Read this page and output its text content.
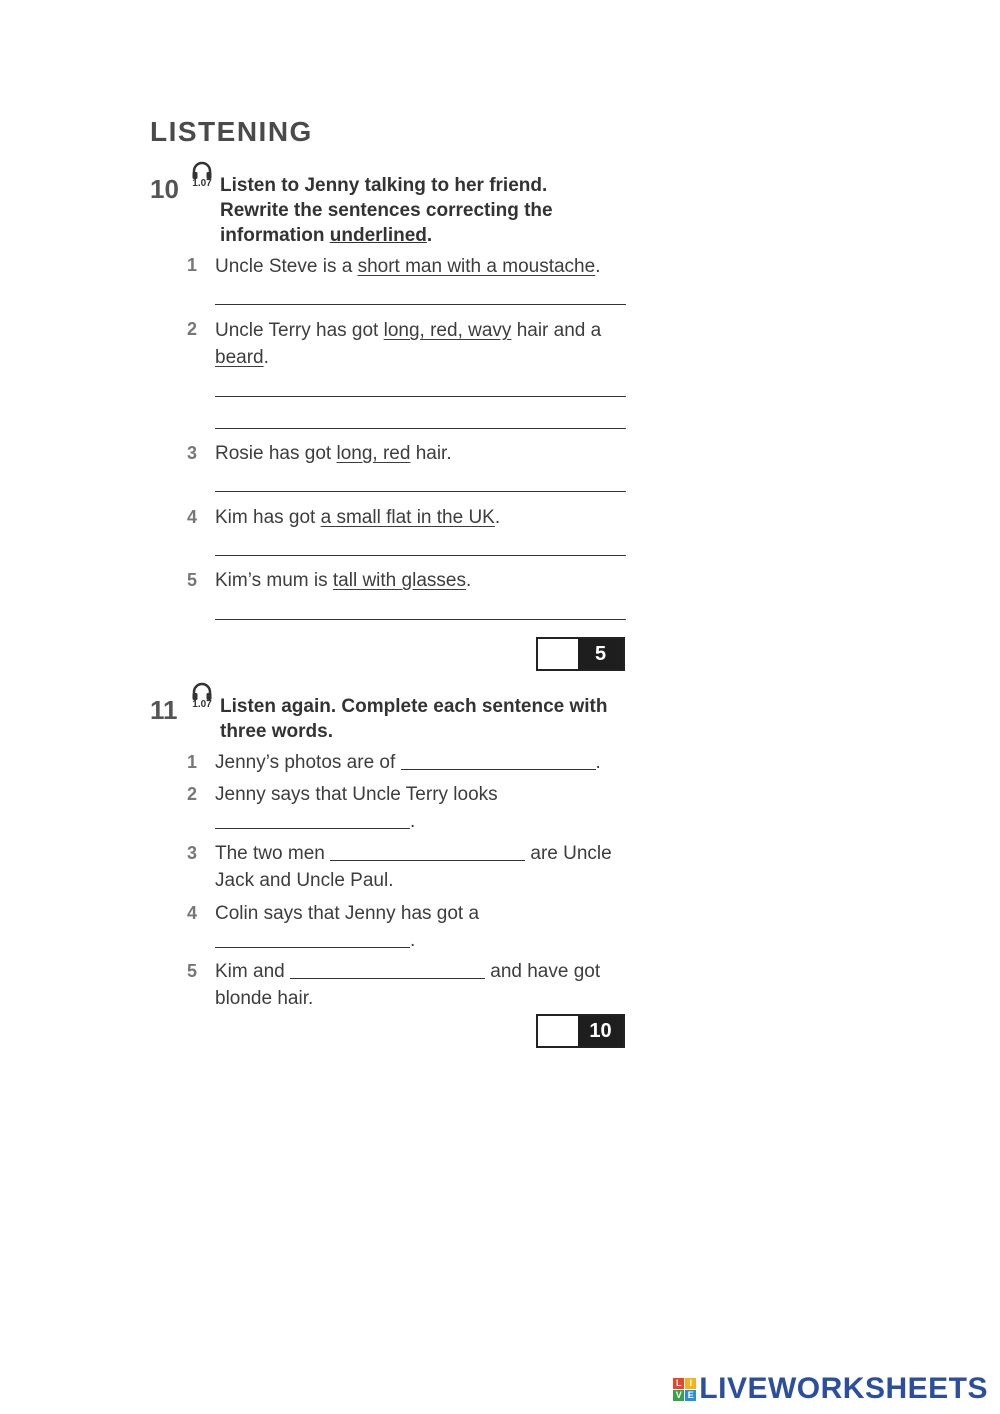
LISTENING
10	1.07 Listen to Jenny talking to her friend.
Rewrite the sentences correcting the
information underlined.
1 Uncle Steve is a short man with a moustache.
2 Uncle Terry has got long, red, wavy hair and a
beard.
3 Rosie has got long, red hair.
4 Kim has got a small flat in the UK.
5 Kim’s mum is tall with glasses.
5
11	1.07 Listen again. Complete each sentence with
three words.
1 Jenny’s photos are of	.
2 Jenny says that Uncle Terry looks
.
3 The two men	are Uncle
Jack and Uncle Paul.
4 Colin says that Jenny has got a
.
5 Kim and	and have got
blonde hair.
10
L I
V E LIVEWORKSHEETS
